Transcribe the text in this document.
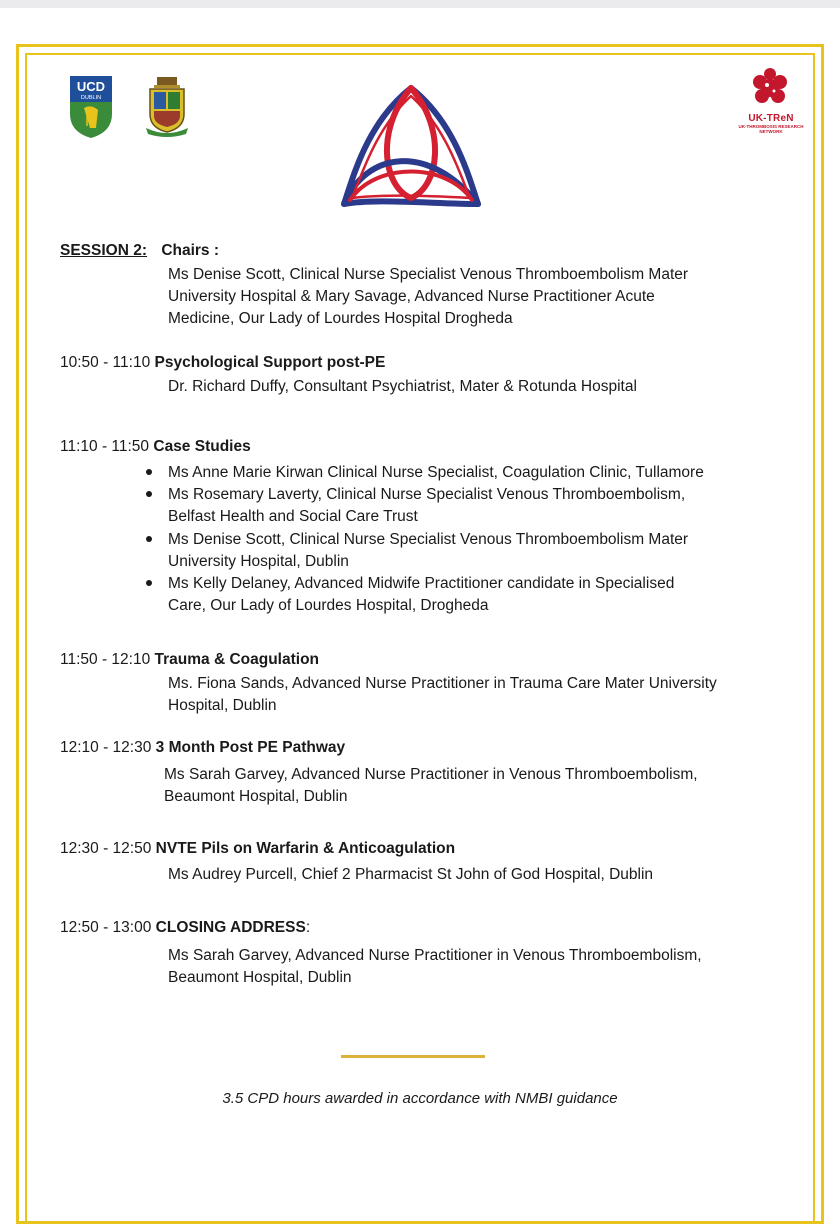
UCD
DUBLIN
UK-TReN
UK-THROMBOSIS RESEARCH NETWORK
SESSION 2: Chairs :
Ms Denise Scott, Clinical Nurse Specialist Venous Thromboembolism Mater
University Hospital & Mary Savage, Advanced Nurse Practitioner Acute
Medicine, Our Lady of Lourdes Hospital Drogheda
10:50 - 11:10 Psychological Support post-PE
Dr. Richard Duffy, Consultant Psychiatrist, Mater & Rotunda Hospital
11:10 - 11:50 Case Studies
Ms Anne Marie Kirwan Clinical Nurse Specialist, Coagulation Clinic, Tullamore
Ms Rosemary Laverty, Clinical Nurse Specialist Venous Thromboembolism,
Belfast Health and Social Care Trust
Ms Denise Scott, Clinical Nurse Specialist Venous Thromboembolism Mater
University Hospital, Dublin
Ms Kelly Delaney, Advanced Midwife Practitioner candidate in Specialised
Care, Our Lady of Lourdes Hospital, Drogheda
11:50 - 12:10 Trauma & Coagulation
Ms. Fiona Sands, Advanced Nurse Practitioner in Trauma Care Mater University
Hospital, Dublin
12:10 - 12:30 3 Month Post PE Pathway
Ms Sarah Garvey, Advanced Nurse Practitioner in Venous Thromboembolism,
Beaumont Hospital, Dublin
12:30 - 12:50 NVTE Pils on Warfarin & Anticoagulation
Ms Audrey Purcell, Chief 2 Pharmacist St John of God Hospital, Dublin
12:50 - 13:00 CLOSING ADDRESS:
Ms Sarah Garvey, Advanced Nurse Practitioner in Venous Thromboembolism,
Beaumont Hospital, Dublin
3.5 CPD hours awarded in accordance with NMBI guidance
